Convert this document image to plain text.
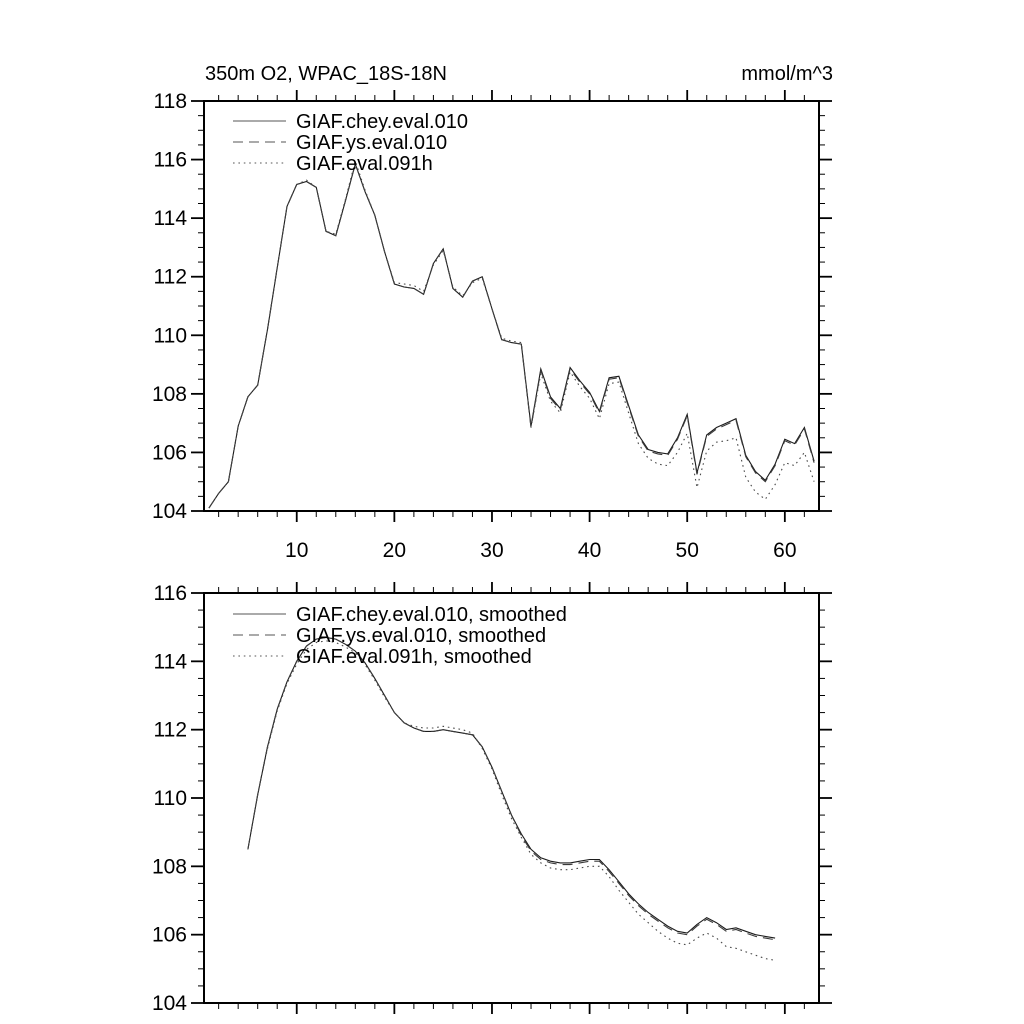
350m O2, WPAC_18S-18N	mmol/m^3
104
106
108
110
112
114
116
118
10	20	30	40	50	60
GIAF.chey.eval.010
GIAF.ys.eval.010
GIAF.eval.091h
104
106
108
110
112
114
116
GIAF.chey.eval.010, smoothed
GIAF.ys.eval.010, smoothed
GIAF.eval.091h, smoothed
